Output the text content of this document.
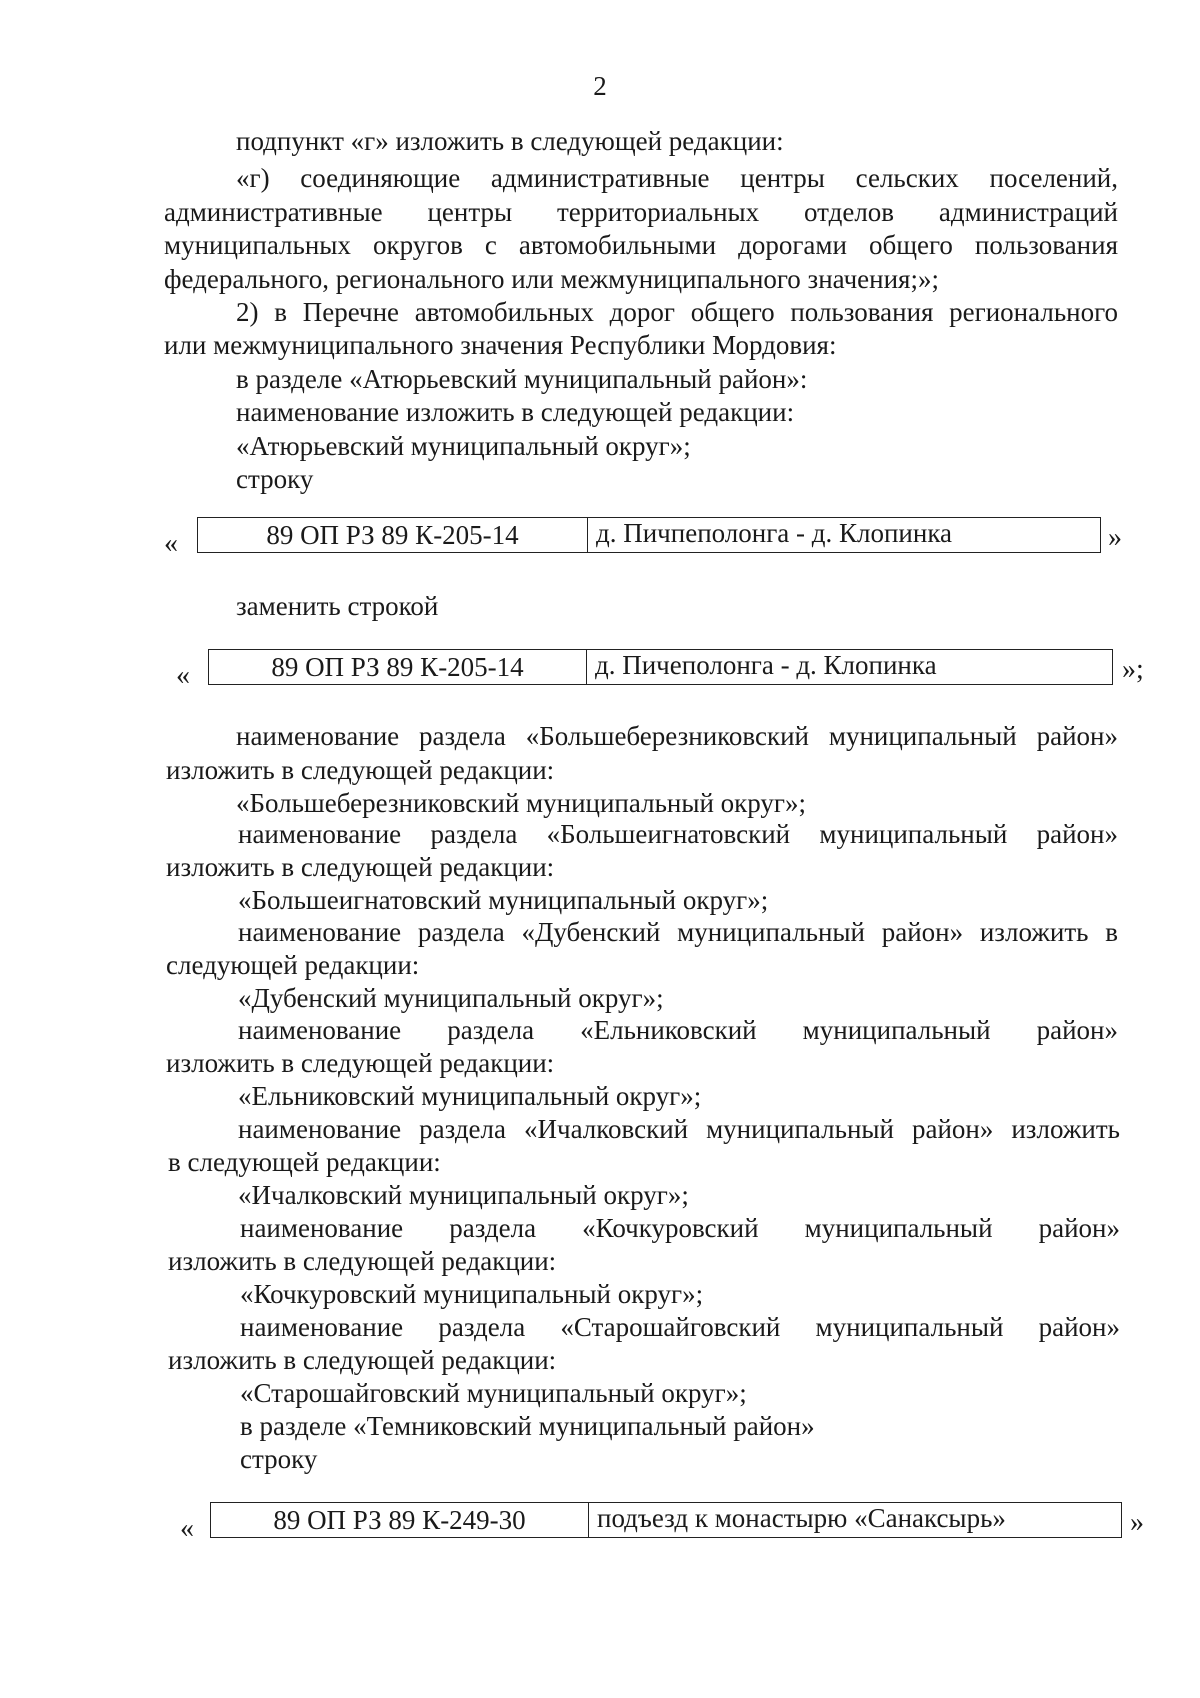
2
подпункт «г» изложить в следующей редакции:
«г) соединяющие административные центры сельских поселений,
административные центры территориальных отделов администраций
муниципальных округов с автомобильными дорогами общего пользования
федерального, регионального или межмуниципального значения;»;
2) в Перечне автомобильных дорог общего пользования регионального
или межмуниципального значения Республики Мордовия:
в разделе «Атюрьевский муниципальный район»:
наименование изложить в следующей редакции:
«Атюрьевский муниципальный округ»;
строку
«	89 ОП РЗ 89 К-205-14	д. Пичпеполонга - д. Клопинка	»
заменить строкой
«	89 ОП РЗ 89 К-205-14	д. Пичеполонга - д. Клопинка	»;
наименование раздела «Большеберезниковский муниципальный район»
изложить в следующей редакции:
«Большеберезниковский муниципальный округ»;
наименование раздела «Большеигнатовский муниципальный район»
изложить в следующей редакции:
«Большеигнатовский муниципальный округ»;
наименование раздела «Дубенский муниципальный район» изложить в
следующей редакции:
«Дубенский муниципальный округ»;
наименование раздела «Ельниковский муниципальный район»
изложить в следующей редакции:
«Ельниковский муниципальный округ»;
наименование раздела «Ичалковский муниципальный район» изложить
в следующей редакции:
«Ичалковский муниципальный округ»;
наименование раздела «Кочкуровский муниципальный район»
изложить в следующей редакции:
«Кочкуровский муниципальный округ»;
наименование раздела «Старошайговский муниципальный район»
изложить в следующей редакции:
«Старошайговский муниципальный округ»;
в разделе «Темниковский муниципальный район»
строку
«	89 ОП РЗ 89 К-249-30	подъезд к монастырю «Санаксырь»	»
